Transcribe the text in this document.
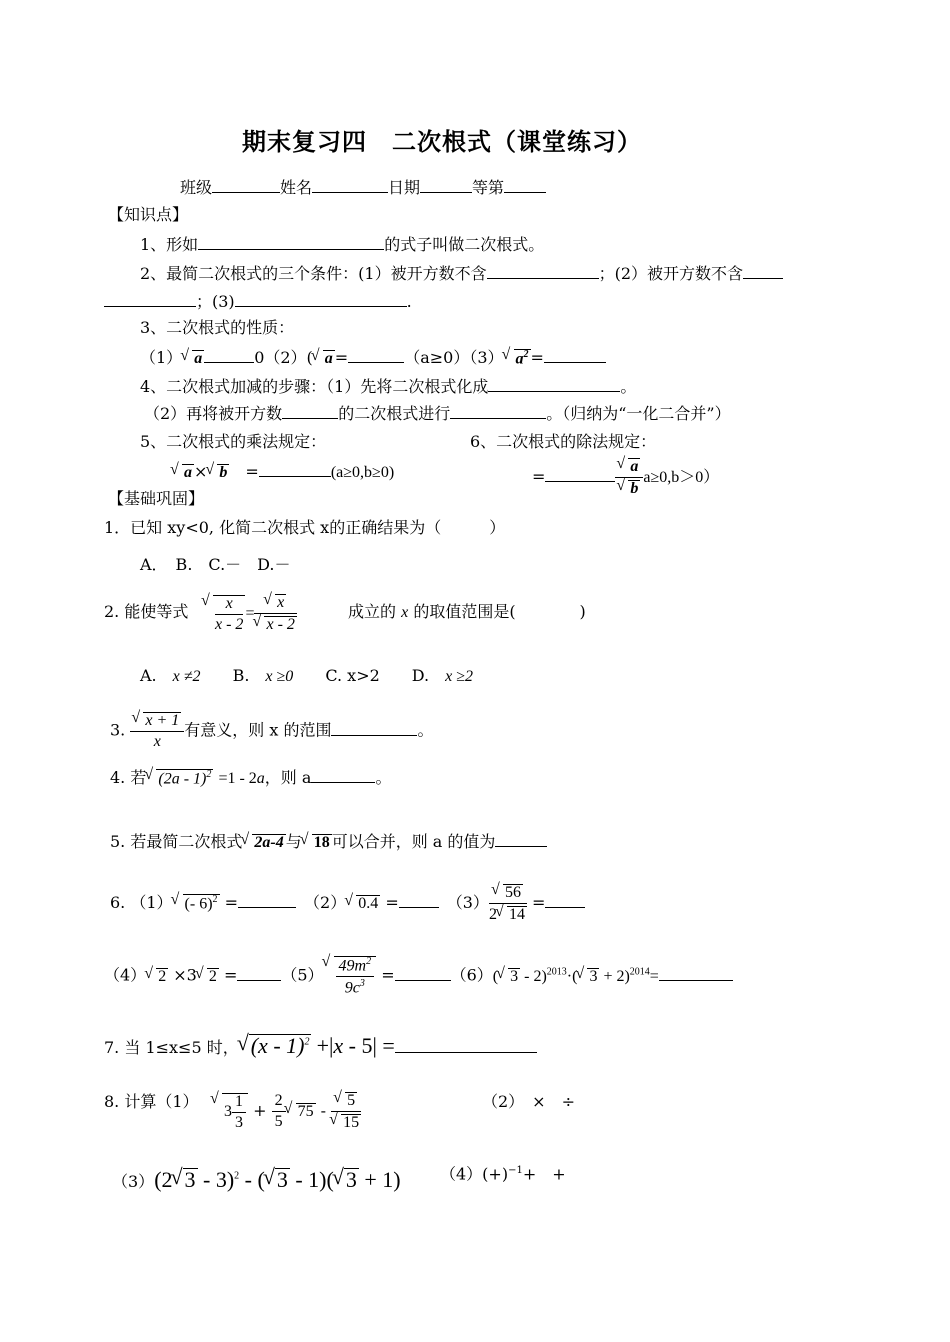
期末复习四　二次根式（课堂练习）
班级	姓名	日期	等第
【知识点】
1、形如	的式子叫做二次根式。
2、最简二次根式的三个条件：(1）被开方数不含	；(2）被开方数不含
；(3)	.
3、二次根式的性质：
（1） √ a	0（2）( √ a =	（a≥0）（3） √ $a^2$ =
4、二次根式加减的步骤：（1）先将二次根式化成	。
（2）再将被开方数	的二次根式进行	。（归纳为“一化二合并”）
5、二次根式的乘法规定：	6、二次根式的除法规定：
√ a × √ b　=	(a≥0,b≥0)	=	√ a
√ b a≥0,b＞0）
【基础巩固】
1．已知 xy<0, 化简二次根式 x的正确结果为（　　　）
A．　B.　C.－　D.－
2. 能使等式 √ $\frac{x}{x - 2}$ = √ x
√ x - 2	成立的 x 的取值范围是(　　　　)
A.　 x ≠2　　 B.　 x ≥0　　 C. x>2　　 D.　 x ≥2
3. √ $\frac{x + 1}{x}$ 有意义，则 x 的范围	。
4. 若 √ (2a - 1)$^2$ =1 - 2a，则 a	。
5. 若最简二次根式 √ 2a-4 与 √ 18 可以合并，则 a 的值为
6. （1） √ (- 6)$^2$ =　	（2） √ 0.4 =　	（3） √ $\frac{56}{2 √ 14}$ =
（4） √ 2 ×3 √ 2 =	（5） √ $\frac{49m^2}{9c^3}$ =	（6）( √ 3 - 2)$^{2013}$·( √ 3 + 2)$^{2014}$=
7. 当 1≤x≤5 时， √ (x - 1)$^2$ +|x - 5| =
8. 计算（1）
√ $3 \frac{1}{3} + \frac{2}{5}$ √ 75 - √ 5
√ 15	（2）　×　÷
（3）(2 √ 3 - 3)$^2$ - ( √ 3 - 1)( √ 3 + 1) $(4)(+)^{-1}+$　+
